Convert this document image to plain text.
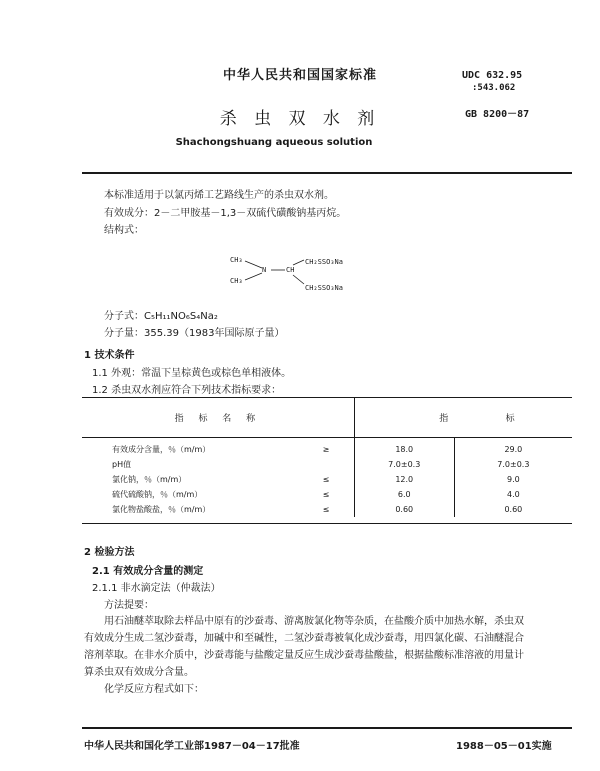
中华人民共和国国家标准	UDC 632.95
:543.062
GB 8200－87
杀 虫 双 水 剂
Shachongshuang aqueous solution
本标准适用于以氯丙烯工艺路线生产的杀虫双水剂。
有效成分：2－二甲胺基－1,3－双硫代磺酸钠基丙烷。
结构式：
CH₃
CH₃
N	CH
CH₂SSO₃Na
CH₂SSO₃Na
分子式：C₅H₁₁NO₆S₄Na₂
分子量：355.39（1983年国际原子量）
1 技术条件
1.1 外观：常温下呈棕黄色或棕色单相液体。
1.2 杀虫双水剂应符合下列技术指标要求：
指 标 名 称		指	标
有效成分含量，％（m/m）	≥	18.0	29.0
pH值		7.0±0.3	7.0±0.3
氯化钠，％（m/m）	≤	12.0	9.0
硫代硫酸钠，％（m/m）	≤	6.0	4.0
氯化物盐酸盐，％（m/m）	≤	0.60	0.60
2 检验方法
2.1 有效成分含量的测定
2.1.1 非水滴定法（仲裁法）
方法提要：
用石油醚萃取除去样品中原有的沙蚕毒、游离胺氯化物等杂质，在盐酸介质中加热水解，杀虫双
有效成分生成二氢沙蚕毒，加碱中和至碱性，二氢沙蚕毒被氧化成沙蚕毒，用四氯化碳、石油醚混合
溶剂萃取。在非水介质中，沙蚕毒能与盐酸定量反应生成沙蚕毒盐酸盐，根据盐酸标准溶液的用量计
算杀虫双有效成分含量。
化学反应方程式如下：
中华人民共和国化学工业部1987－04－17批准	1988－05－01实施
